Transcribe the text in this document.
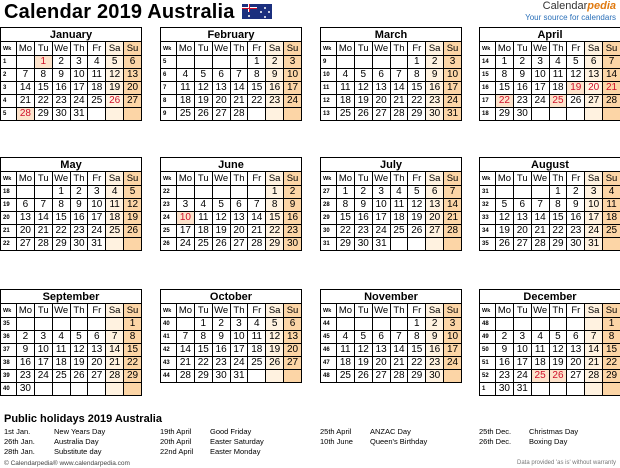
Calendar 2019 Australia	Calendarpedia
Your source for calendars
January
Wk	Mo	Tu	We	Th	Fr	Sa	Su
1		1	2	3	4	5	6
2	7	8	9	10	11	12	13
3	14	15	16	17	18	19	20
4	21	22	23	24	25	26	27
5	28	29	30	31			
February
Wk	Mo	Tu	We	Th	Fr	Sa	Su
5					1	2	3
6	4	5	6	7	8	9	10
7	11	12	13	14	15	16	17
8	18	19	20	21	22	23	24
9	25	26	27	28			
March
Wk	Mo	Tu	We	Th	Fr	Sa	Su
9					1	2	3
10	4	5	6	7	8	9	10
11	11	12	13	14	15	16	17
12	18	19	20	21	22	23	24
13	25	26	27	28	29	30	31
April
Wk	Mo	Tu	We	Th	Fr	Sa	Su
14	1	2	3	4	5	6	7
15	8	9	10	11	12	13	14
16	15	16	17	18	19	20	21
17	22	23	24	25	26	27	28
18	29	30					
May
Wk	Mo	Tu	We	Th	Fr	Sa	Su
18			1	2	3	4	5
19	6	7	8	9	10	11	12
20	13	14	15	16	17	18	19
21	20	21	22	23	24	25	26
22	27	28	29	30	31		
June
Wk	Mo	Tu	We	Th	Fr	Sa	Su
22						1	2
23	3	4	5	6	7	8	9
24	10	11	12	13	14	15	16
25	17	18	19	20	21	22	23
26	24	25	26	27	28	29	30
July
Wk	Mo	Tu	We	Th	Fr	Sa	Su
27	1	2	3	4	5	6	7
28	8	9	10	11	12	13	14
29	15	16	17	18	19	20	21
30	22	23	24	25	26	27	28
31	29	30	31				
August
Wk	Mo	Tu	We	Th	Fr	Sa	Su
31				1	2	3	4
32	5	6	7	8	9	10	11
33	12	13	14	15	16	17	18
34	19	20	21	22	23	24	25
35	26	27	28	29	30	31	
September
Wk	Mo	Tu	We	Th	Fr	Sa	Su
35							1
36	2	3	4	5	6	7	8
37	9	10	11	12	13	14	15
38	16	17	18	19	20	21	22
39	23	24	25	26	27	28	29
40	30						
October
Wk	Mo	Tu	We	Th	Fr	Sa	Su
40		1	2	3	4	5	6
41	7	8	9	10	11	12	13
42	14	15	16	17	18	19	20
43	21	22	23	24	25	26	27
44	28	29	30	31			
November
Wk	Mo	Tu	We	Th	Fr	Sa	Su
44					1	2	3
45	4	5	6	7	8	9	10
46	11	12	13	14	15	16	17
47	18	19	20	21	22	23	24
48	25	26	27	28	29	30	
December
Wk	Mo	Tu	We	Th	Fr	Sa	Su
48							1
49	2	3	4	5	6	7	8
50	9	10	11	12	13	14	15
51	16	17	18	19	20	21	22
52	23	24	25	26	27	28	29
1	30	31					
Public holidays 2019 Australia
1st Jan.	New Years Day
26th Jan.	Australia Day
28th Jan.	Substitute day
19th April Good Friday
20th April Easter Saturday
22nd April Easter Monday
25th April ANZAC Day
10th June Queen's Birthday
25th Dec. Christmas Day
26th Dec. Boxing Day
© Calendarpedia® www.calendarpedia.com	Data provided 'as is' without warranty
